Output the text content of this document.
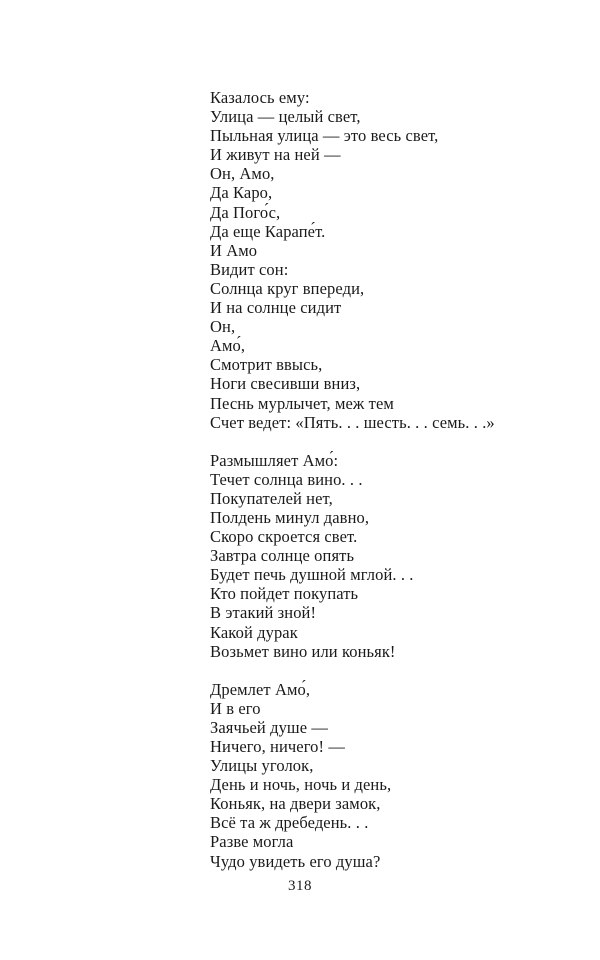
Казалось ему:
Улица — целый свет,
Пыльная улица — это весь свет,
И живут на ней —
Он, Амо,
Да Каро,
Да Пого́с,
Да еще Карапе́т.
И Амо
Видит сон:
Солнца круг впереди,
И на солнце сидит
Он,
Амо́,
Смотрит ввысь,
Ноги свесивши вниз,
Песнь мурлычет, меж тем
Счет ведет: «Пять. . . шесть. . . семь. . .»
Размышляет Амо́:
Течет солнца вино. . .
Покупателей нет,
Полдень минул давно,
Скоро скроется свет.
Завтра солнце опять
Будет печь душной мглой. . .
Кто пойдет покупать
В этакий зной!
Какой дурак
Возьмет вино или коньяк!
Дремлет Амо́,
И в его
Заячьей душе —
Ничего, ничего! —
Улицы уголок,
День и ночь, ночь и день,
Коньяк, на двери замок,
Всё та ж дребедень. . .
Разве могла
Чудо увидеть его душа?
318
